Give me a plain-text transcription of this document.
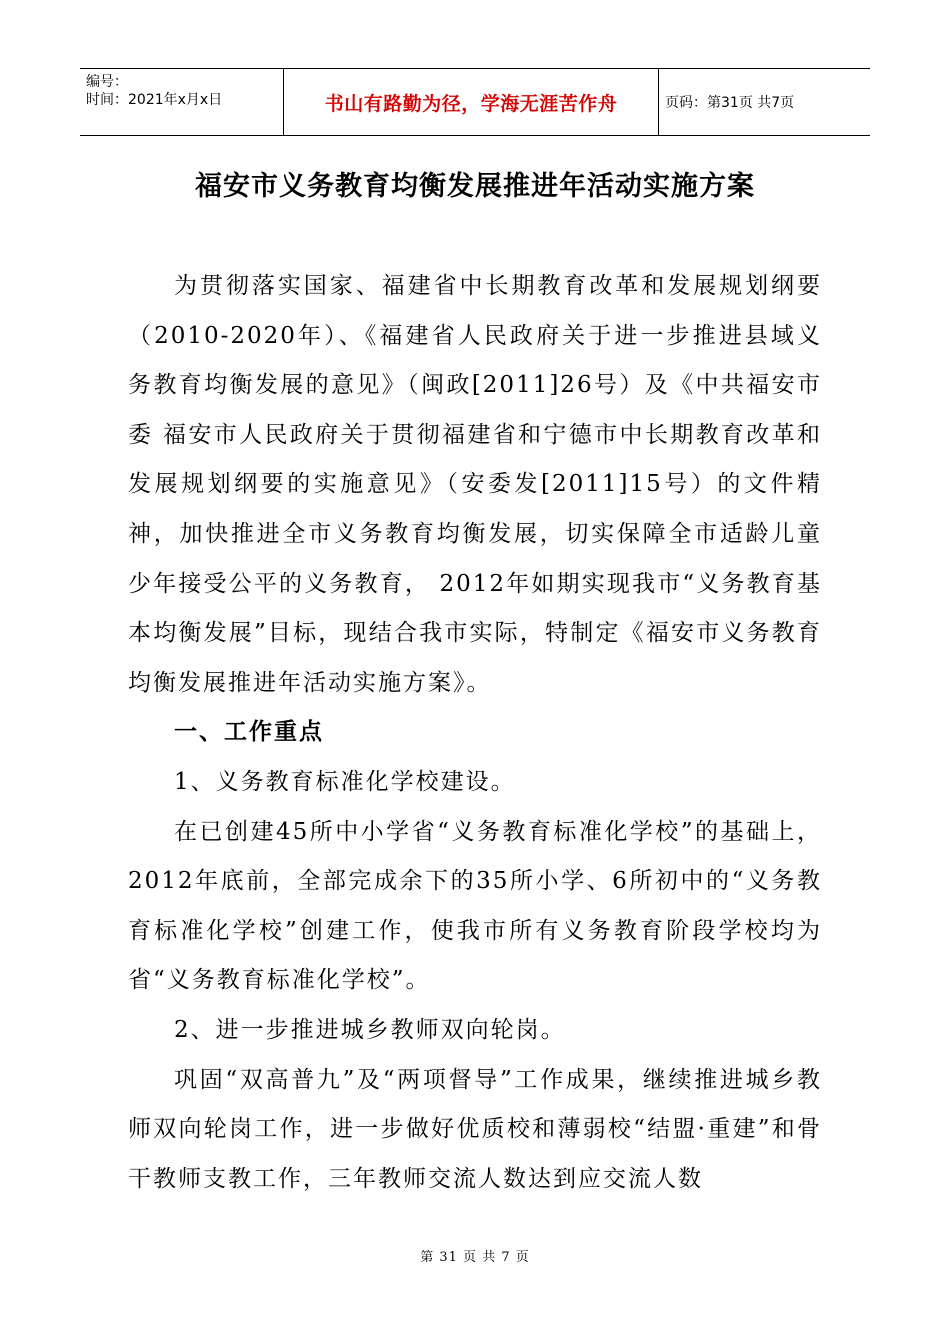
编号：
时间：2021年x月x日	书山有路勤为径，学海无涯苦作舟	页码：第31页 共7页
福安市义务教育均衡发展推进年活动实施方案

为贯彻落实国家、福建省中长期教育改革和发展规划纲要（2010-2020年）、《福建省人民政府关于进一步推进县域义务教育均衡发展的意见》（闽政[2011]26号）及《中共福安市委 福安市人民政府关于贯彻福建省和宁德市中长期教育改革和发展规划纲要的实施意见》（安委发[2011]15号）的文件精神，加快推进全市义务教育均衡发展，切实保障全市适龄儿童少年接受公平的义务教育， 2012年如期实现我市“义务教育基本均衡发展”目标，现结合我市实际，特制定《福安市义务教育均衡发展推进年活动实施方案》。

一、工作重点

1、义务教育标准化学校建设。

在已创建45所中小学省“义务教育标准化学校”的基础上，2012年底前，全部完成余下的35所小学、6所初中的“义务教育标准化学校”创建工作，使我市所有义务教育阶段学校均为省“义务教育标准化学校”。

2、进一步推进城乡教师双向轮岗。

巩固“双高普九”及“两项督导”工作成果，继续推进城乡教师双向轮岗工作，进一步做好优质校和薄弱校“结盟·重建”和骨干教师支教工作，三年教师交流人数达到应交流人数

第 31 页 共 7 页
